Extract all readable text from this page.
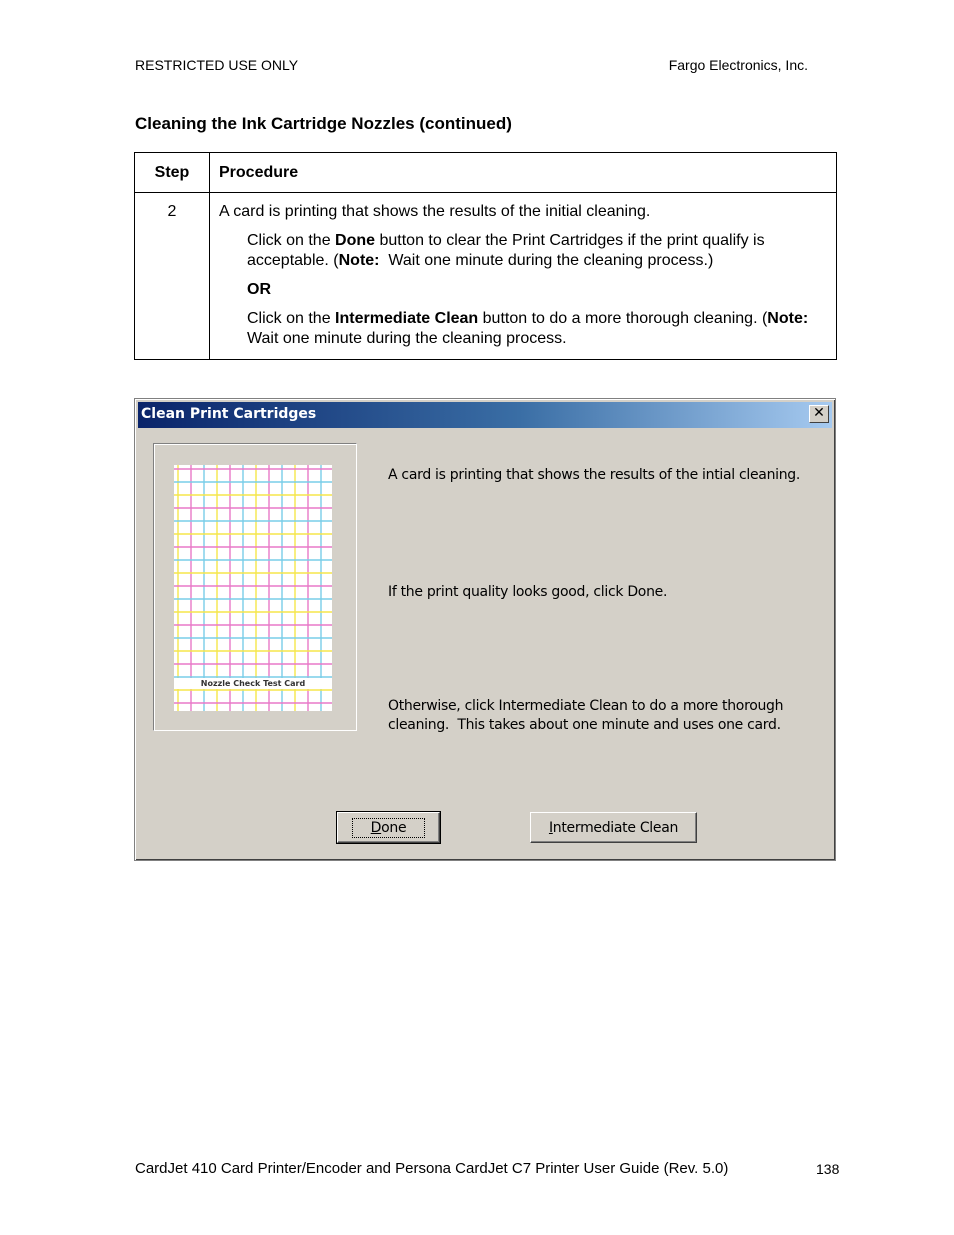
RESTRICTED USE ONLY	Fargo Electronics, Inc.
Cleaning the Ink Cartridge Nozzles (continued)
Step	Procedure
2	A card is printing that shows the results of the initial cleaning.
Click on the Done button to clear the Print Cartridges if the print qualify is acceptable. (Note:  Wait one minute during the cleaning process.)
OR
Click on the Intermediate Clean button to do a more thorough cleaning. (Note:  Wait one minute during the cleaning process.
Clean Print Cartridges	✕
Nozzle Check Test Card
A card is printing that shows the results of the intial cleaning.
If the print quality looks good, click Done.
Otherwise, click Intermediate Clean to do a more thorough
cleaning.  This takes about one minute and uses one card.
Done	Intermediate Clean
CardJet 410 Card Printer/Encoder and Persona CardJet C7 Printer User Guide (Rev. 5.0)	138
